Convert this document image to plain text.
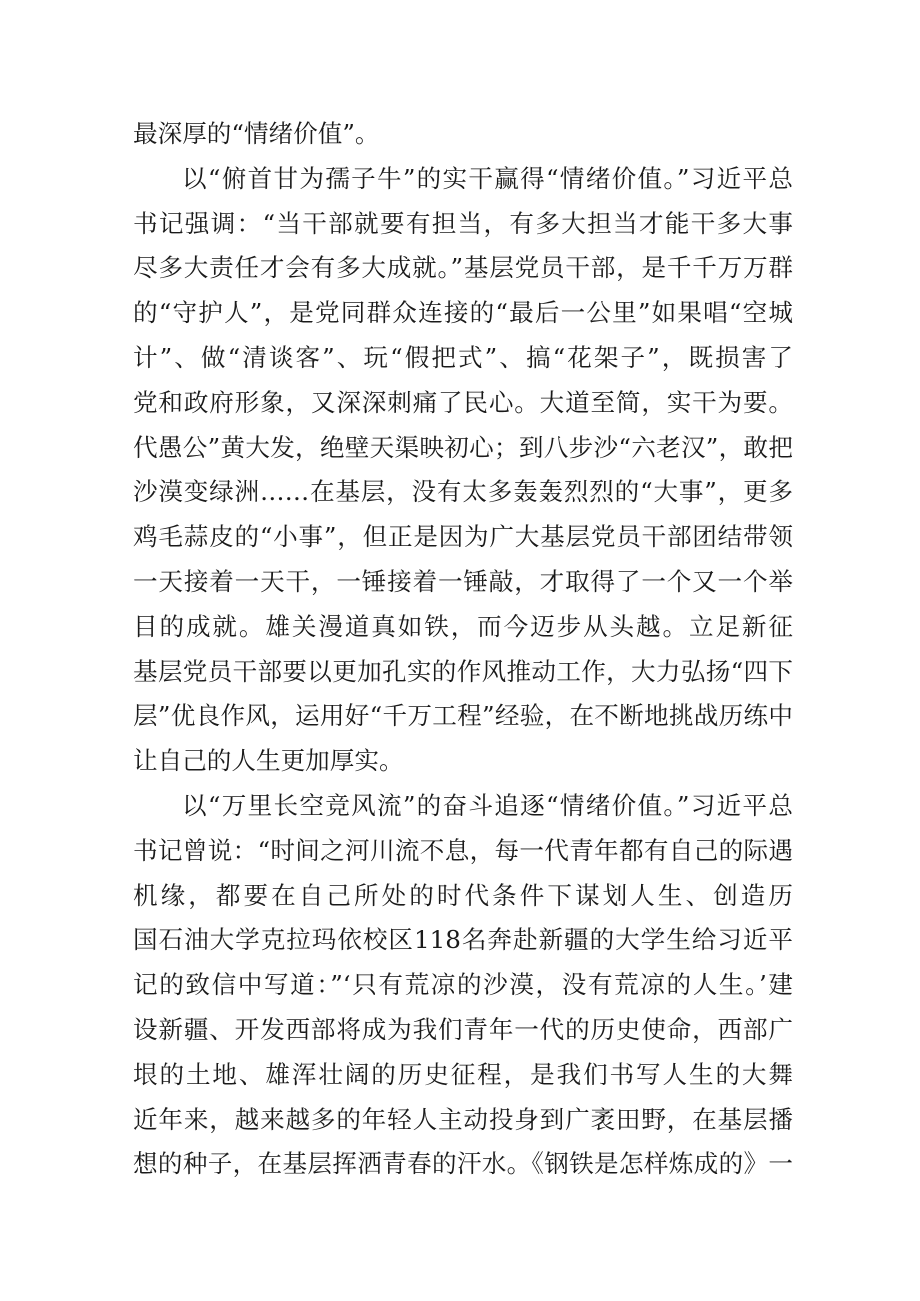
最深厚的“情绪价值”。
以“俯首甘为孺子牛”的实干赢得“情绪价值。”习近平总
书记强调：“当干部就要有担当，有多大担当才能干多大事
尽多大责任才会有多大成就。”基层党员干部，是千千万万群
的“守护人”，是党同群众连接的“最后一公里”如果唱“空城
计”、做“清谈客”、玩“假把式”、搞“花架子”，既损害了
党和政府形象，又深深刺痛了民心。大道至简，实干为要。
代愚公”黄大发，绝壁天渠映初心；到八步沙“六老汉”，敢把
沙漠变绿洲……在基层，没有太多轰轰烈烈的“大事”，更多
鸡毛蒜皮的“小事”，但正是因为广大基层党员干部团结带领
一天接着一天干，一锤接着一锤敲，才取得了一个又一个举
目的成就。雄关漫道真如铁，而今迈步从头越。立足新征
基层党员干部要以更加孔实的作风推动工作，大力弘扬“四下
层”优良作风，运用好“千万工程”经验，在不断地挑战历练中
让自己的人生更加厚实。
以“万里长空竞风流”的奋斗追逐“情绪价值。”习近平总
书记曾说：“时间之河川流不息，每一代青年都有自己的际遇
机缘，都要在自己所处的时代条件下谋划人生、创造历
国石油大学克拉玛依校区118名奔赴新疆的大学生给习近平
记的致信中写道：”‘只有荒凉的沙漠，没有荒凉的人生。’建
设新疆、开发西部将成为我们青年一代的历史使命，西部广
垠的土地、雄浑壮阔的历史征程，是我们书写人生的大舞
近年来，越来越多的年轻人主动投身到广袤田野，在基层播
想的种子，在基层挥洒青春的汗水。《钢铁是怎样炼成的》一
